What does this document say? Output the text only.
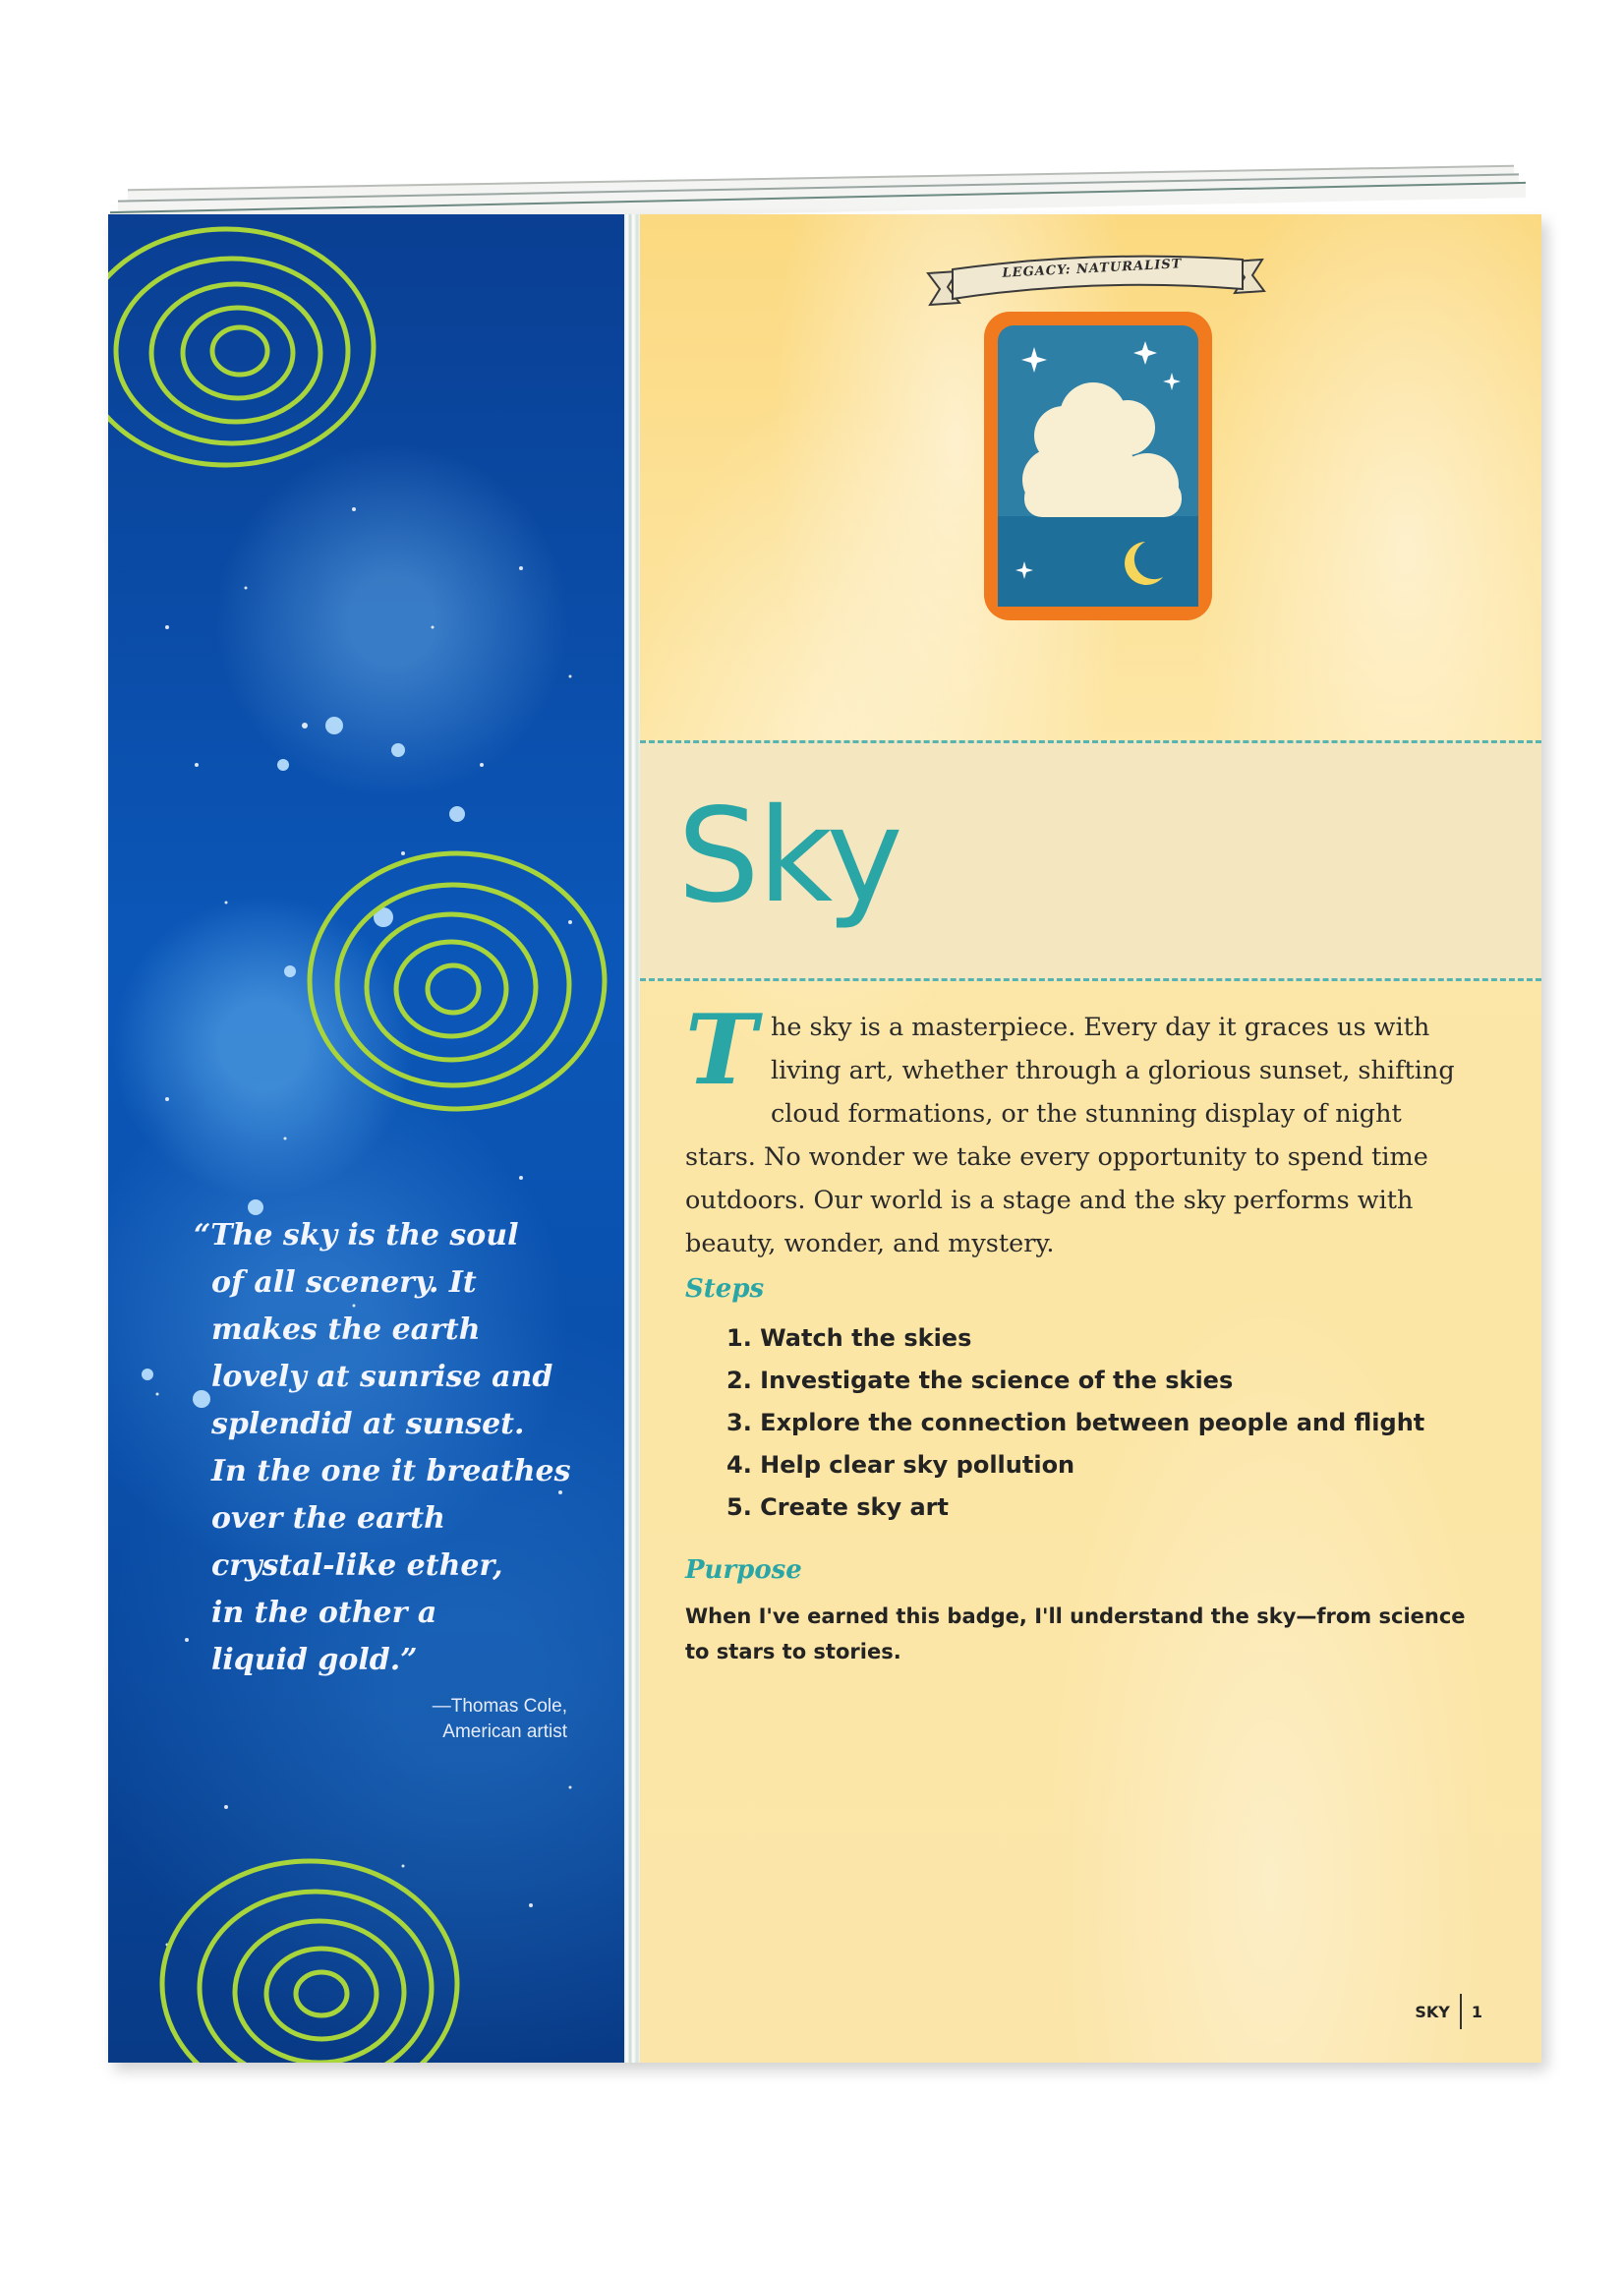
“The sky is the soul
of all scenery. It
makes the earth
lovely at sunrise and
splendid at sunset.
In the one it breathes
over the earth
crystal-like ether,
in the other a
liquid gold.”
—Thomas Cole,
American artist
LEGACY: NATURALIST
Sky

The sky is a masterpiece. Every day it graces us with living art, whether through a glorious sunset, shifting cloud formations, or the stunning display of night stars. No wonder we take every opportunity to spend time outdoors. Our world is a stage and the sky performs with beauty, wonder, and mystery.

Steps
1. Watch the skies
2. Investigate the science of the skies
3. Explore the connection between people and flight
4. Help clear sky pollution
5. Create sky art
Purpose

When I've earned this badge, I'll understand the sky—from science to stars to stories.

SKY 1
